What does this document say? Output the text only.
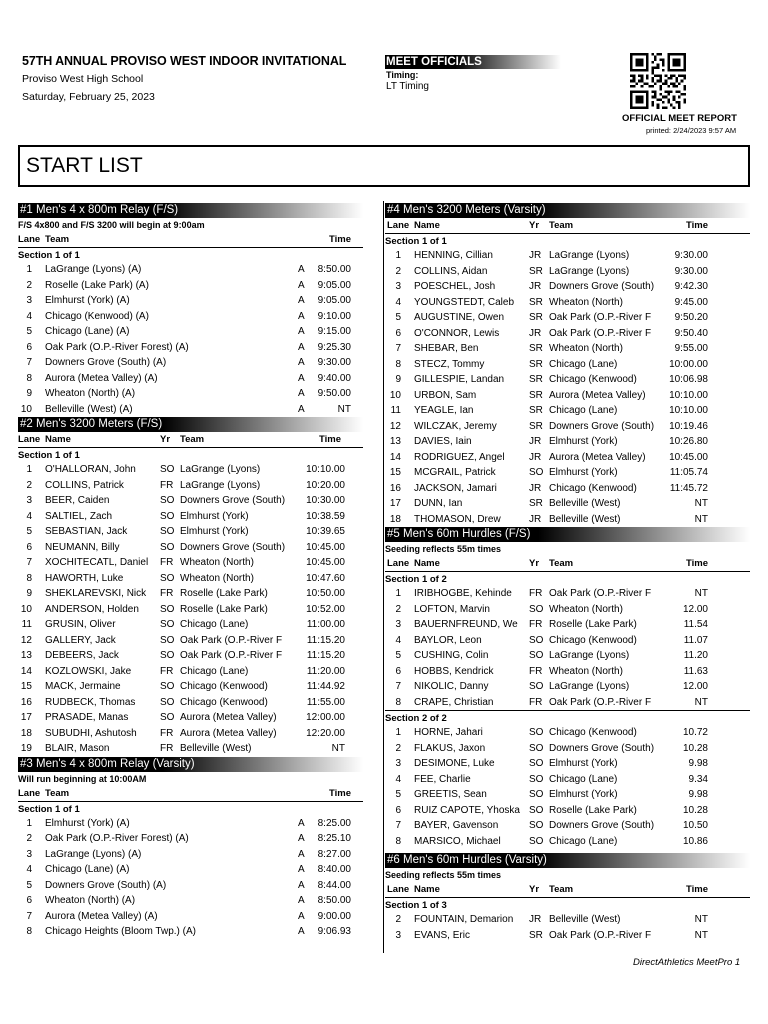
57TH ANNUAL PROVISO WEST INDOOR INVITATIONAL
Proviso West High School
Saturday, February 25, 2023
MEET OFFICIALS
Timing:
LT Timing
OFFICIAL MEET REPORT
printed: 2/24/2023 9:57 AM
START LIST
#1 Men's 4 x 800m Relay (F/S)
F/S 4x800 and F/S 3200 will begin at 9:00am
Lane Team	Time
Section 1 of 1
1 LaGrange (Lyons) (A)	A 8:50.00
2 Roselle (Lake Park) (A)	A 9:05.00
3 Elmhurst (York) (A)	A 9:05.00
4 Chicago (Kenwood) (A)	A 9:10.00
5 Chicago (Lane) (A)	A 9:15.00
6 Oak Park (O.P.-River Forest) (A)	A 9:25.30
7 Downers Grove (South) (A)	A 9:30.00
8 Aurora (Metea Valley) (A)	A 9:40.00
9 Wheaton (North) (A)	A 9:50.00
10 Belleville (West) (A)	A	NT
#2 Men's 3200 Meters (F/S)
Lane Name	Yr Team	Time
Section 1 of 1
1 O'HALLORAN, John SO LaGrange (Lyons)	10:10.00
2 COLLINS, Patrick	FR LaGrange (Lyons)	10:20.00
3 BEER, Caiden	SO Downers Grove (South) 10:30.00
4 SALTIEL, Zach	SO Elmhurst (York)	10:38.59
5 SEBASTIAN, Jack	SO Elmhurst (York)	10:39.65
6 NEUMANN, Billy	SO Downers Grove (South) 10:45.00
7 XOCHITECATL, Daniel FR Wheaton (North)	10:45.00
8 HAWORTH, Luke	SO Wheaton (North)	10:47.60
9 SHEKLAREVSKI, Nick FR Roselle (Lake Park)	10:50.00
10 ANDERSON, Holden SO Roselle (Lake Park)	10:52.00
11 GRUSIN, Oliver	SO Chicago (Lane)	11:00.00
12 GALLERY, Jack	SO Oak Park (O.P.-River F 11:15.20
13 DEBEERS, Jack	SO Oak Park (O.P.-River F 11:15.20
14 KOZLOWSKI, Jake	FR Chicago (Lane)	11:20.00
15 MACK, Jermaine	SO Chicago (Kenwood)	11:44.92
16 RUDBECK, Thomas SO Chicago (Kenwood)	11:55.00
17 PRASADE, Manas	SO Aurora (Metea Valley)	12:00.00
18 SUBUDHI, Ashutosh FR Aurora (Metea Valley)	12:20.00
19 BLAIR, Mason	FR Belleville (West)	NT
#3 Men's 4 x 800m Relay (Varsity)
Will run beginning at 10:00AM
Lane Team	Time
Section 1 of 1
1 Elmhurst (York) (A)	A 8:25.00
2 Oak Park (O.P.-River Forest) (A)	A 8:25.10
3 LaGrange (Lyons) (A)	A 8:27.00
4 Chicago (Lane) (A)	A 8:40.00
5 Downers Grove (South) (A)	A 8:44.00
6 Wheaton (North) (A)	A 8:50.00
7 Aurora (Metea Valley) (A)	A 9:00.00
8 Chicago Heights (Bloom Twp.) (A)	A 9:06.93
#4 Men's 3200 Meters (Varsity)
Lane Name	Yr Team	Time
Section 1 of 1
1 HENNING, Cillian	JR LaGrange (Lyons)	9:30.00
2 COLLINS, Aidan	SR LaGrange (Lyons)	9:30.00
3 POESCHEL, Josh	JR Downers Grove (South) 9:42.30
4 YOUNGSTEDT, Caleb SR Wheaton (North)	9:45.00
5 AUGUSTINE, Owen SR Oak Park (O.P.-River F 9:50.20
6 O'CONNOR, Lewis	JR Oak Park (O.P.-River F 9:50.40
7 SHEBAR, Ben	SR Wheaton (North)	9:55.00
8 STECZ, Tommy	SR Chicago (Lane)	10:00.00
9 GILLESPIE, Landan SR Chicago (Kenwood)	10:06.98
10 URBON, Sam	SR Aurora (Metea Valley) 10:10.00
11 YEAGLE, Ian	SR Chicago (Lane)	10:10.00
12 WILCZAK, Jeremy	SR Downers Grove (South) 10:19.46
13 DAVIES, Iain	JR Elmhurst (York)	10:26.80
14 RODRIGUEZ, Angel JR Aurora (Metea Valley) 10:45.00
15 MCGRAIL, Patrick	SO Elmhurst (York)	11:05.74
16 JACKSON, Jamari	JR Chicago (Kenwood)	11:45.72
17 DUNN, Ian	SR Belleville (West)	NT
18 THOMASON, Drew	JR Belleville (West)	NT
#5 Men's 60m Hurdles (F/S)
Seeding reflects 55m times
Lane Name	Yr Team	Time
Section 1 of 2
1 IRIBHOGBE, Kehinde FR Oak Park (O.P.-River F	NT
2 LOFTON, Marvin	SO Wheaton (North)	12.00
3 BAUERNFREUND, We FR Roselle (Lake Park)	11.54
4 BAYLOR, Leon	SO Chicago (Kenwood)	11.07
5 CUSHING, Colin	SO LaGrange (Lyons)	11.20
6 HOBBS, Kendrick	FR Wheaton (North)	11.63
7 NIKOLIC, Danny	SO LaGrange (Lyons)	12.00
8 CRAPE, Christian	FR Oak Park (O.P.-River F	NT
Section 2 of 2
1 HORNE, Jahari	SO Chicago (Kenwood)	10.72
2 FLAKUS, Jaxon	SO Downers Grove (South)	10.28
3 DESIMONE, Luke	SO Elmhurst (York)	9.98
4 FEE, Charlie	SO Chicago (Lane)	9.34
5 GREETIS, Sean	SO Elmhurst (York)	9.98
6 RUIZ CAPOTE, Yhoska SO Roselle (Lake Park)	10.28
7 BAYER, Gavenson	SO Downers Grove (South)	10.50
8 MARSICO, Michael	SO Chicago (Lane)	10.86
#6 Men's 60m Hurdles (Varsity)
Seeding reflects 55m times
Lane Name	Yr Team	Time
Section 1 of 3
2 FOUNTAIN, Demarion JR Belleville (West)	NT
3 EVANS, Eric	SR Oak Park (O.P.-River F	NT
DirectAthletics MeetPro 1
